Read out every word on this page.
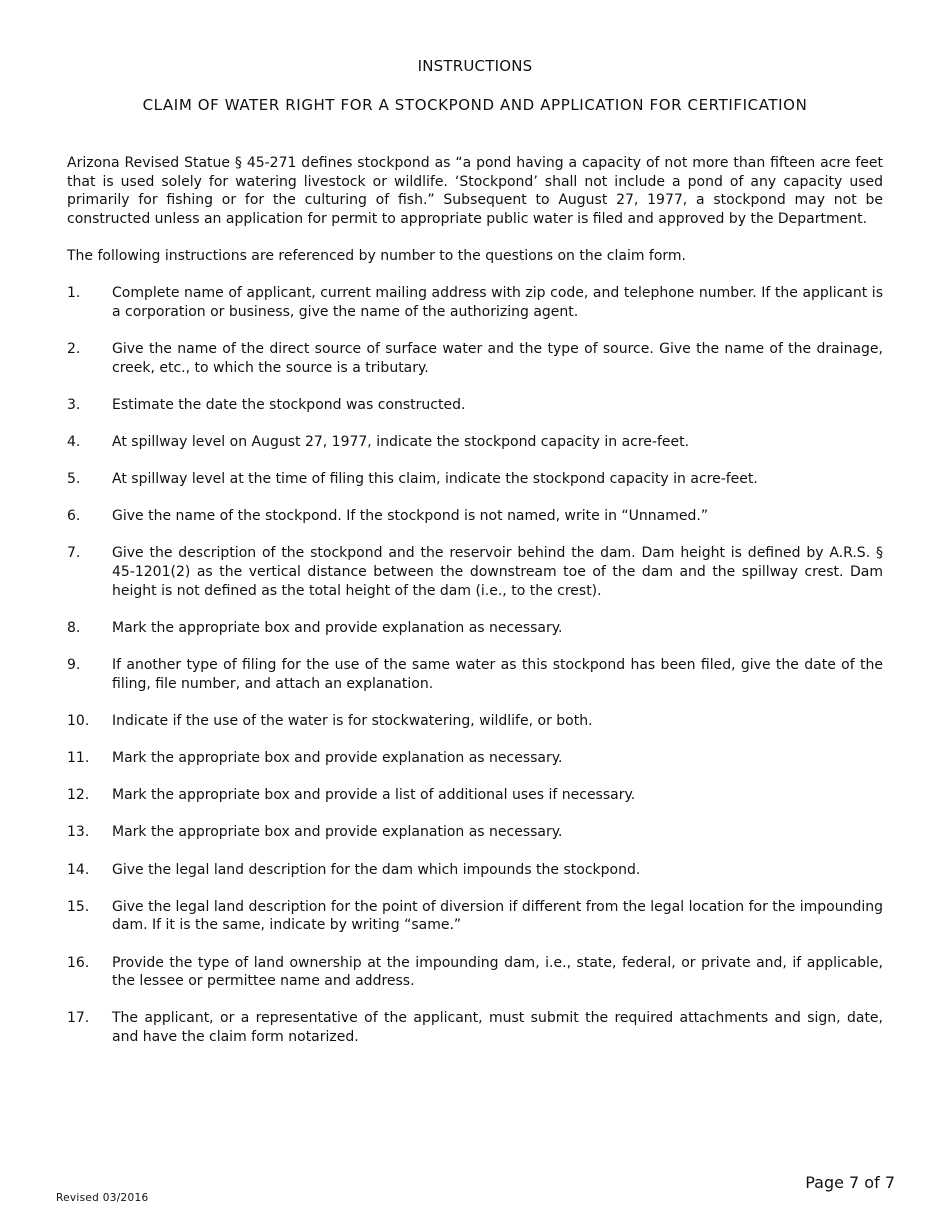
INSTRUCTIONS
CLAIM OF WATER RIGHT FOR A STOCKPOND AND APPLICATION FOR CERTIFICATION

Arizona Revised Statue § 45-271 defines stockpond as “a pond having a capacity of not more than fifteen acre feet that is used solely for watering livestock or wildlife. ‘Stockpond’ shall not include a pond of any capacity used primarily for fishing or for the culturing of fish.” Subsequent to August 27, 1977, a stockpond may not be constructed unless an application for permit to appropriate public water is filed and approved by the Department.

The following instructions are referenced by number to the questions on the claim form.

1.	Complete name of applicant, current mailing address with zip code, and telephone number. If the applicant is a corporation or business, give the name of the authorizing agent.
2.	Give the name of the direct source of surface water and the type of source. Give the name of the drainage, creek, etc., to which the source is a tributary.
3.	Estimate the date the stockpond was constructed.
4.	At spillway level on August 27, 1977, indicate the stockpond capacity in acre-feet.
5.	At spillway level at the time of filing this claim, indicate the stockpond capacity in acre-feet.
6.	Give the name of the stockpond. If the stockpond is not named, write in “Unnamed.”
7.	Give the description of the stockpond and the reservoir behind the dam. Dam height is defined by A.R.S. § 45-1201(2) as the vertical distance between the downstream toe of the dam and the spillway crest. Dam height is not defined as the total height of the dam (i.e., to the crest).
8.	Mark the appropriate box and provide explanation as necessary.
9.	If another type of filing for the use of the same water as this stockpond has been filed, give the date of the filing, file number, and attach an explanation.
10.	Indicate if the use of the water is for stockwatering, wildlife, or both.
11.	Mark the appropriate box and provide explanation as necessary.
12.	Mark the appropriate box and provide a list of additional uses if necessary.
13.	Mark the appropriate box and provide explanation as necessary.
14.	Give the legal land description for the dam which impounds the stockpond.
15.	Give the legal land description for the point of diversion if different from the legal location for the impounding dam. If it is the same, indicate by writing “same.”
16.	Provide the type of land ownership at the impounding dam, i.e., state, federal, or private and, if applicable, the lessee or permittee name and address.
17.	The applicant, or a representative of the applicant, must submit the required attachments and sign, date, and have the claim form notarized.
Page 7 of 7
Revised 03/2016
